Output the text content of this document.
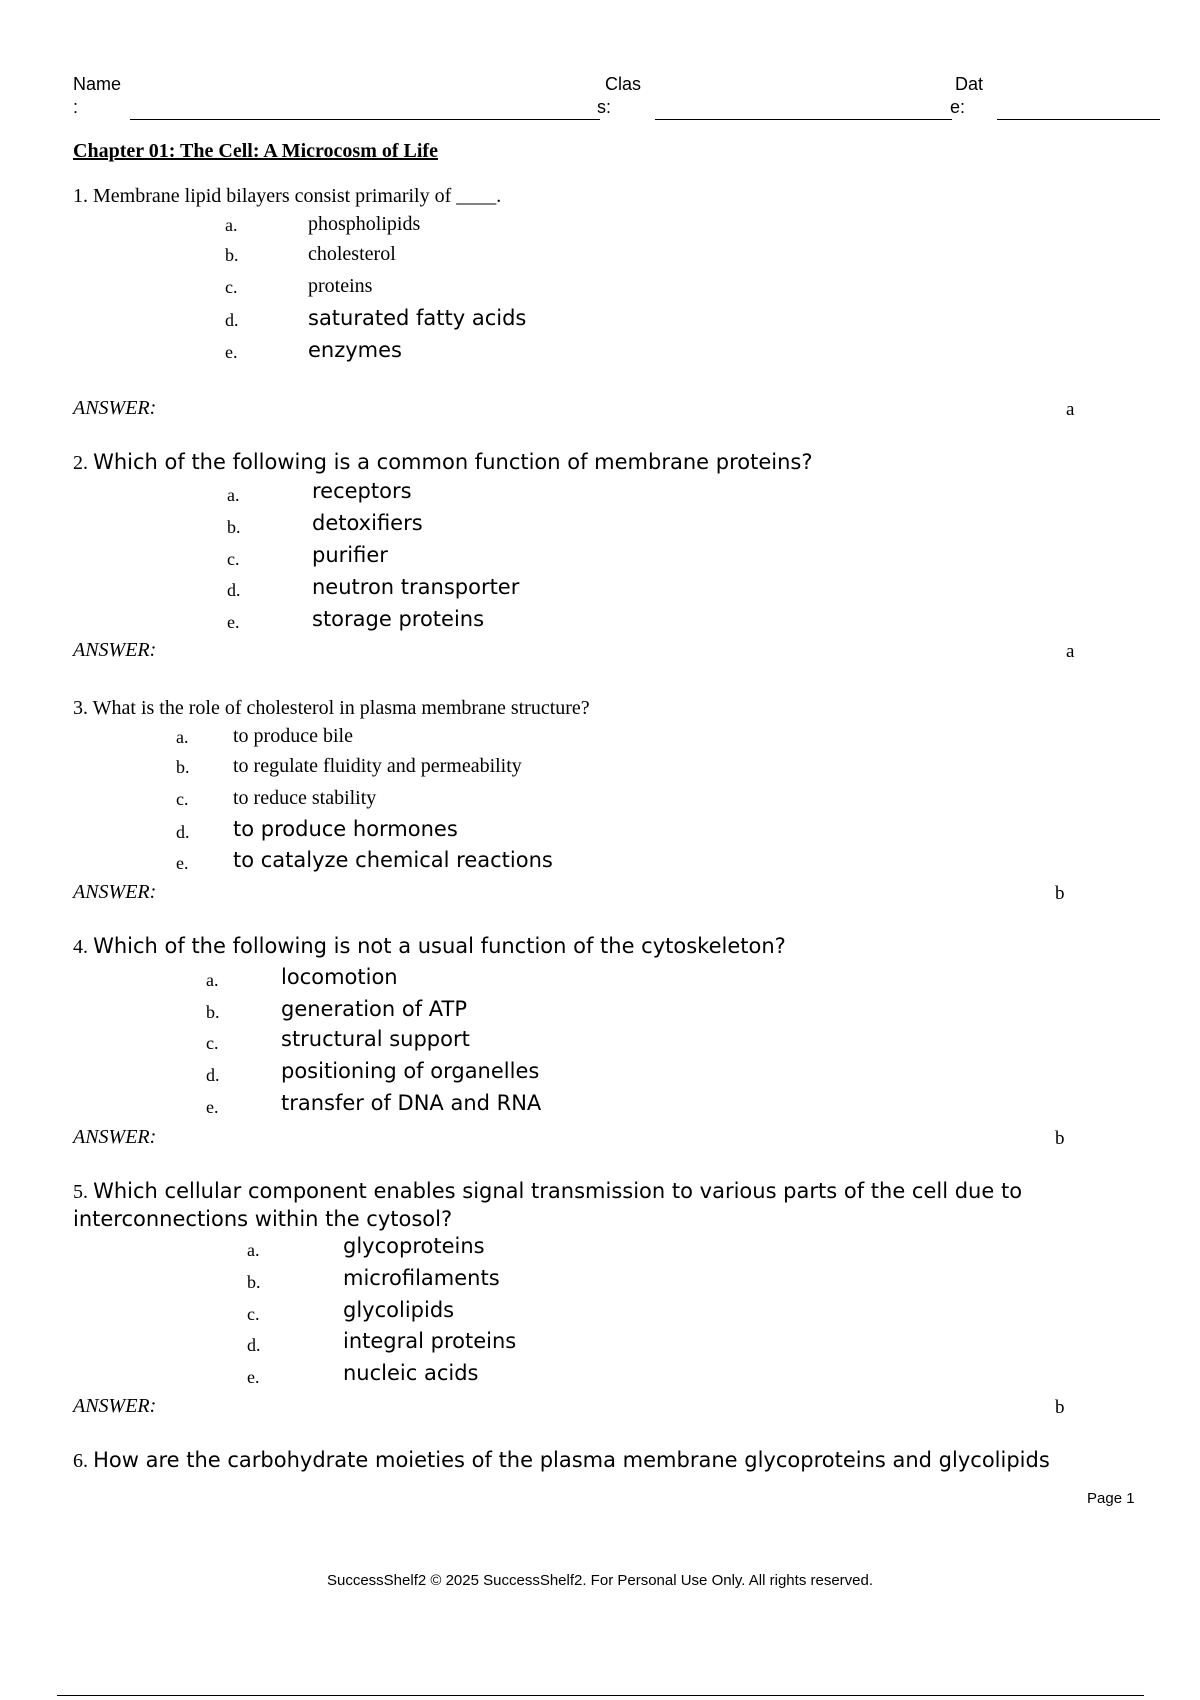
Name
:
Clas
s:
Dat
e:
Chapter 01: The Cell: A Microcosm of Life
1. Membrane lipid bilayers consist primarily of ____.
a.	phospholipids
b.	cholesterol
c.	proteins
d.	saturated fatty acids
e.	enzymes
ANSWER:	a
2. Which of the following is a common function of membrane proteins?
a.	receptors
b.	detoxifiers
c.	purifier
d.	neutron transporter
e.	storage proteins
ANSWER:	a
3. What is the role of cholesterol in plasma membrane structure?
a. to produce bile
b. to regulate fluidity and permeability
c. to reduce stability
d. to produce hormones
e. to catalyze chemical reactions
ANSWER:	b
4. Which of the following is not a usual function of the cytoskeleton?
a.	locomotion
b.	generation of ATP
c.	structural support
d.	positioning of organelles
e.	transfer of DNA and RNA
ANSWER:	b
5. Which cellular component enables signal transmission to various parts of the cell due to interconnections within the cytosol?
a.	glycoproteins
b.	microfilaments
c.	glycolipids
d.	integral proteins
e.	nucleic acids
ANSWER:	b
6. How are the carbohydrate moieties of the plasma membrane glycoproteins and glycolipids
Page 1
SuccessShelf2 © 2025 SuccessShelf2. For Personal Use Only. All rights reserved.
